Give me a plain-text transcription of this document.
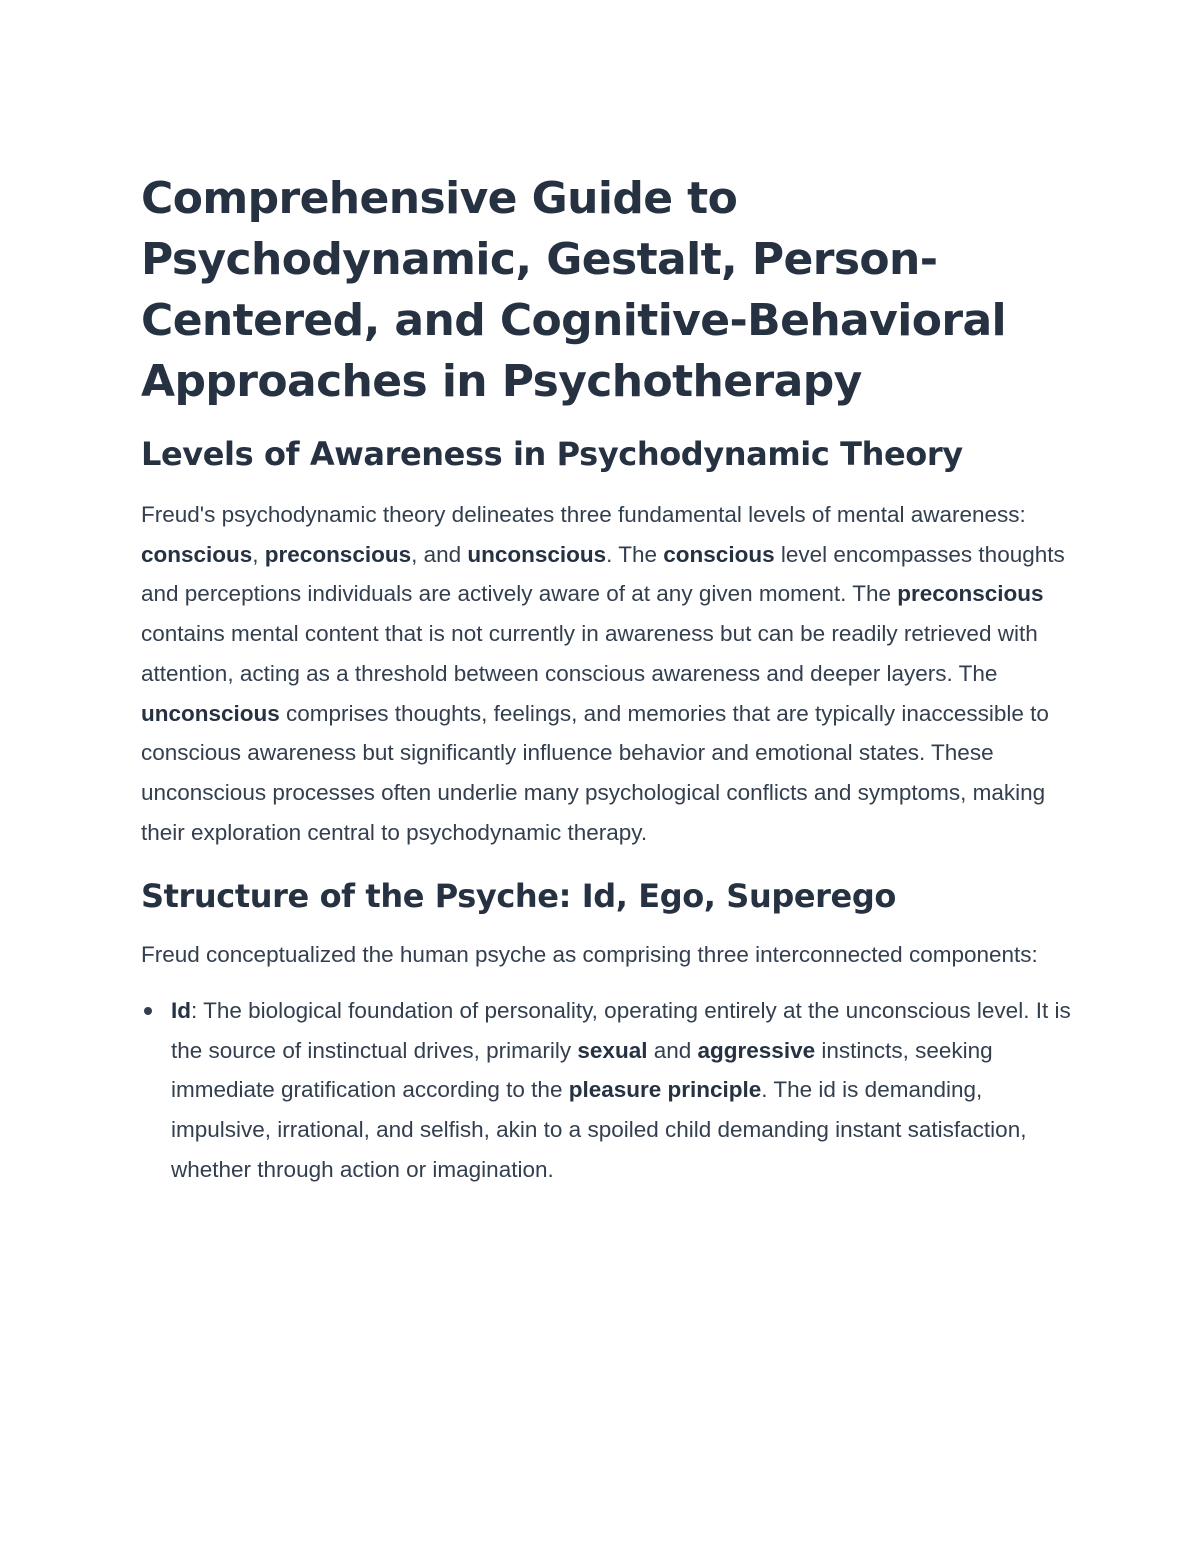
Comprehensive Guide to Psychodynamic, Gestalt, Person-Centered, and Cognitive-Behavioral Approaches in Psychotherapy
Levels of Awareness in Psychodynamic Theory

Freud's psychodynamic theory delineates three fundamental levels of mental awareness: conscious, preconscious, and unconscious. The conscious level encompasses thoughts and perceptions individuals are actively aware of at any given moment. The preconscious contains mental content that is not currently in awareness but can be readily retrieved with attention, acting as a threshold between conscious awareness and deeper layers. The unconscious comprises thoughts, feelings, and memories that are typically inaccessible to conscious awareness but significantly influence behavior and emotional states. These unconscious processes often underlie many psychological conflicts and symptoms, making their exploration central to psychodynamic therapy.

Structure of the Psyche: Id, Ego, Superego

Freud conceptualized the human psyche as comprising three interconnected components:

Id: The biological foundation of personality, operating entirely at the unconscious level. It is the source of instinctual drives, primarily sexual and aggressive instincts, seeking immediate gratification according to the pleasure principle. The id is demanding, impulsive, irrational, and selfish, akin to a spoiled child demanding instant satisfaction, whether through action or imagination.
